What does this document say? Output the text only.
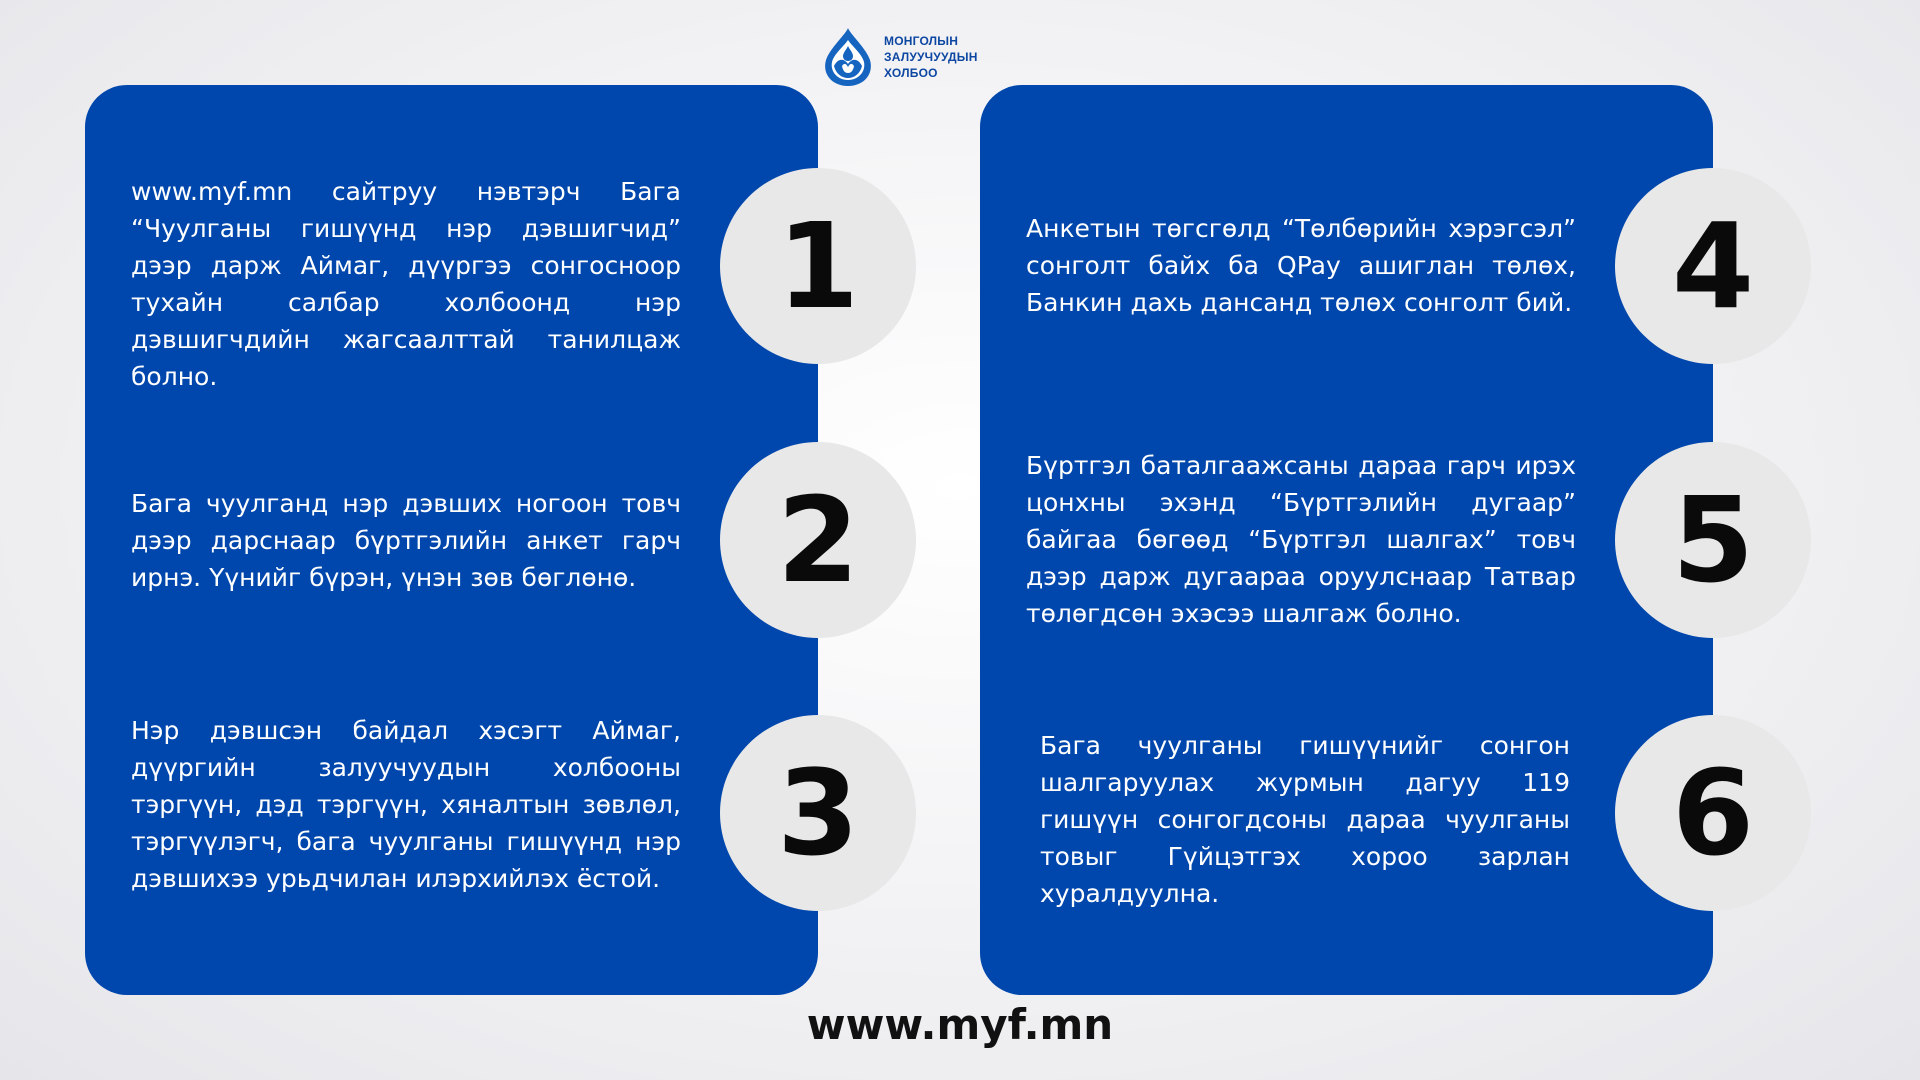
МОНГОЛЫН
ЗАЛУУЧУУДЫН
ХОЛБОО

www.myf.mn сайтруу нэвтэрч Бага “Чуулганы гишүүнд нэр дэвшигчид” дээр дарж Аймаг, дүүргээ сонгосноор тухайн салбар холбоонд нэр дэвшигчдийн жагсаалттай танилцаж болно.

Бага чуулганд нэр дэвших ногоон товч дээр дарснаар бүртгэлийн анкет гарч ирнэ. Үүнийг бүрэн, үнэн зөв бөглөнө.

Нэр дэвшсэн байдал хэсэгт Аймаг, дүүргийн залуучуудын холбооны тэргүүн, дэд тэргүүн, хяналтын зөвлөл, тэргүүлэгч, бага чуулганы гишүүнд нэр дэвшихээ урьдчилан илэрхийлэх ёстой.

Анкетын төгсгөлд “Төлбөрийн хэрэгсэл” сонголт байх ба QPay ашиглан төлөх, Банкин дахь дансанд төлөх сонголт бий.

Бүртгэл баталгаажсаны дараа гарч ирэх цонхны эхэнд “Бүртгэлийн дугаар” байгаа бөгөөд “Бүртгэл шалгах” товч дээр дарж дугаараа оруулснаар Татвар төлөгдсөн эхэсээ шалгаж болно.

Бага чуулганы гишүүнийг сонгон шалгаруулах журмын дагуу 119 гишүүн сонгогдсоны дараа чуулганы товыг Гүйцэтгэх хороо зарлан хуралдуулна.

1
2
3
4
5
6
www.myf.mn
